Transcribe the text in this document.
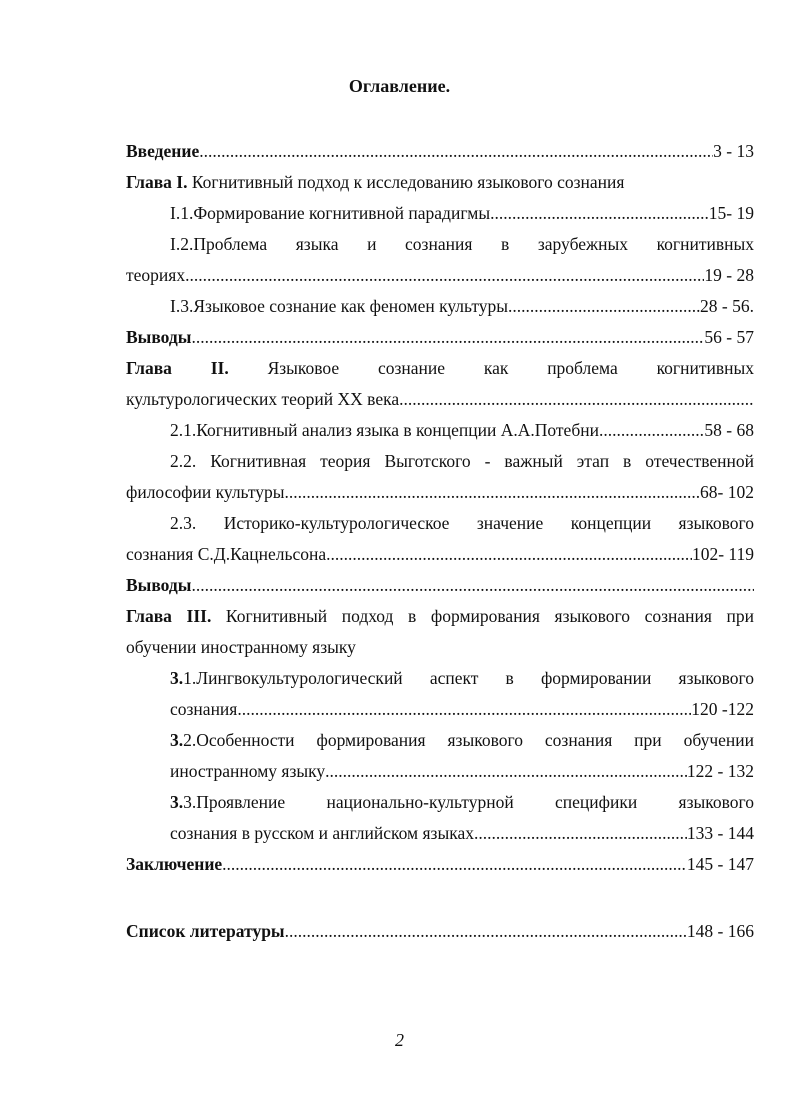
Оглавление.
Введение .....	3 - 13
Глава I.
Когнитивный подход к исследованию языкового сознания
I.1.Формирование когнитивной парадигмы .....	15- 19
I.2.Проблема языка и сознания в зарубежных когнитивных
теориях .....	19 - 28
I.3.Языковое сознание как феномен культуры .....	28 - 56.
Выводы .....	56 - 57
Глава II. Языковое сознание как проблема когнитивных
культурологических теорий XX века
.....
2.1.Когнитивный анализ языка в концепции А.А.Потебни .....	58 - 68
2.2. Когнитивная теория Выготского - важный этап в отечественной
философии культуры .....	68- 102
2.3. Историко-культурологическое значение концепции языкового
сознания С.Д.Кацнельсона .....	102- 119
Выводы
.....
Глава III. Когнитивный подход в формирования языкового сознания при
обучении иностранному языку
3.1.Лингвокультурологический аспект в формировании языкового
сознания .....	120 -122
3.2.Особенности формирования языкового сознания при обучении
иностранному языку .....	122 - 132
3.3.Проявление национально-культурной специфики языкового
сознания в русском и английском языках .....	133 - 144
Заключение .....	145 - 147
Список литературы .....	148 - 166
2
